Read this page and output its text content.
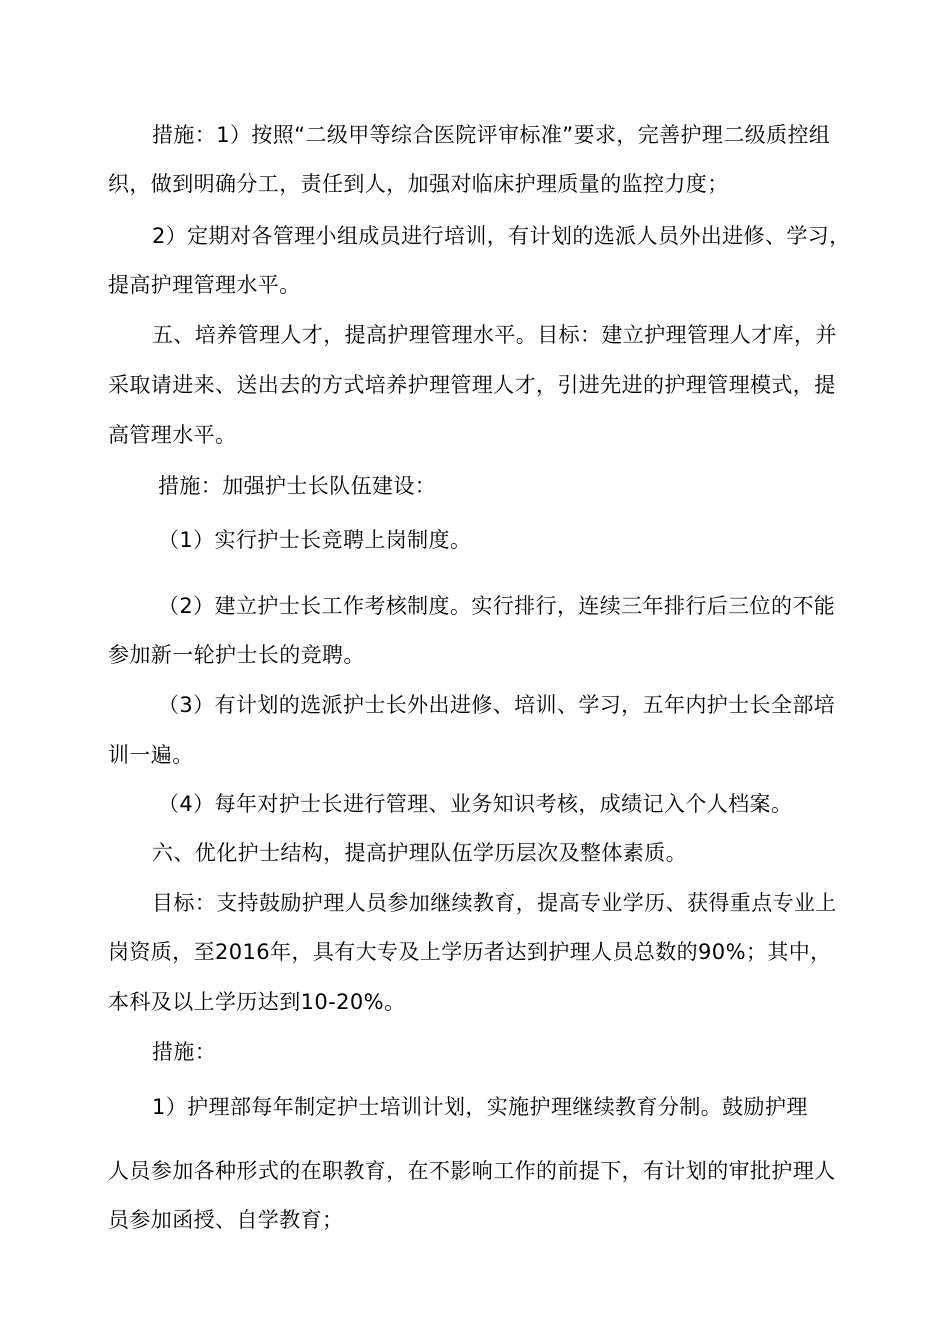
措施：1）按照“二级甲等综合医院评审标准”要求，完善护理二级质控组

织，做到明确分工，责任到人，加强对临床护理质量的监控力度；

2）定期对各管理小组成员进行培训，有计划的选派人员外出进修、学习，

提高护理管理水平。

五、培养管理人才，提高护理管理水平。目标：建立护理管理人才库，并

采取请进来、送出去的方式培养护理管理人才，引进先进的护理管理模式，提

高管理水平。

措施：加强护士长队伍建设：

（1）实行护士长竞聘上岗制度。

（2）建立护士长工作考核制度。实行排行，连续三年排行后三位的不能

参加新一轮护士长的竞聘。

（3）有计划的选派护士长外出进修、培训、学习，五年内护士长全部培

训一遍。

（4）每年对护士长进行管理、业务知识考核，成绩记入个人档案。

六、优化护士结构，提高护理队伍学历层次及整体素质。

目标：支持鼓励护理人员参加继续教育，提高专业学历、获得重点专业上

岗资质，至2016年，具有大专及上学历者达到护理人员总数的90%；其中，

本科及以上学历达到10-20%。

措施：

1）护理部每年制定护士培训计划，实施护理继续教育分制。鼓励护理

人员参加各种形式的在职教育，在不影响工作的前提下，有计划的审批护理人

员参加函授、自学教育；
